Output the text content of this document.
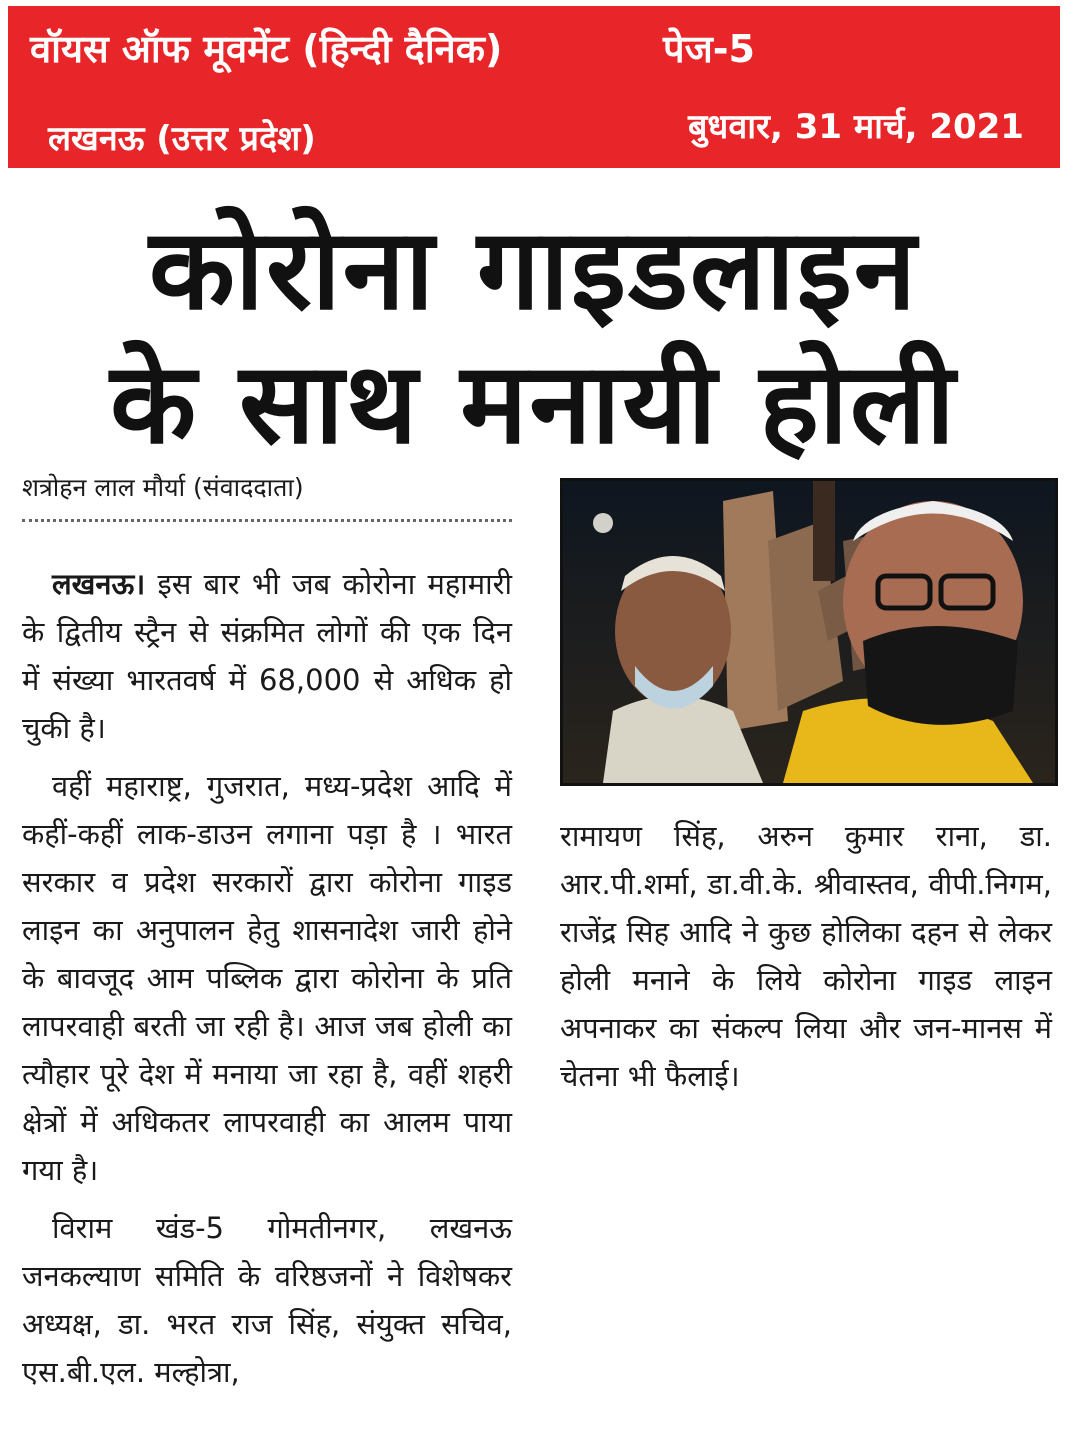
वॉयस ऑफ मूवमेंट (हिन्दी दैनिक)	पेज-5
लखनऊ (उत्तर प्रदेश)	बुधवार, 31 मार्च, 2021
कोरोना गाइडलाइन
के साथ मनायी होली
शत्रोहन लाल मौर्या (संवाददाता)

लखनऊ। इस बार भी जब कोरोना महामारी के द्वितीय स्ट्रैन से संक्रमित लोगों की एक दिन में संख्या भारतवर्ष में 68,000 से अधिक हो चुकी है।

वहीं महाराष्ट्र, गुजरात, मध्य-प्रदेश आदि में कहीं-कहीं लाक-डाउन लगाना पड़ा है । भारत सरकार व प्रदेश सरकारों द्वारा कोरोना गाइड लाइन का अनुपालन हेतु शासनादेश जारी होने के बावजूद आम पब्लिक द्वारा कोरोना के प्रति लापरवाही बरती जा रही है। आज जब होली का त्यौहार पूरे देश में मनाया जा रहा है, वहीं शहरी क्षेत्रों में अधिकतर लापरवाही का आलम पाया गया है।

विराम खंड-5 गोमतीनगर, लखनऊ जनकल्याण समिति के वरिष्ठजनों ने विशेषकर अध्यक्ष, डा. भरत राज सिंह, संयुक्त सचिव, एस.बी.एल. मल्होत्रा,

रामायण सिंह, अरुन कुमार राना, डा. आर.पी.शर्मा, डा.वी.के. श्रीवास्तव, वीपी.निगम, राजेंद्र सिह आदि ने कुछ होलिका दहन से लेकर होली मनाने के लिये कोरोना गाइड लाइन अपनाकर का संकल्प लिया और जन-मानस में चेतना भी फैलाई।
